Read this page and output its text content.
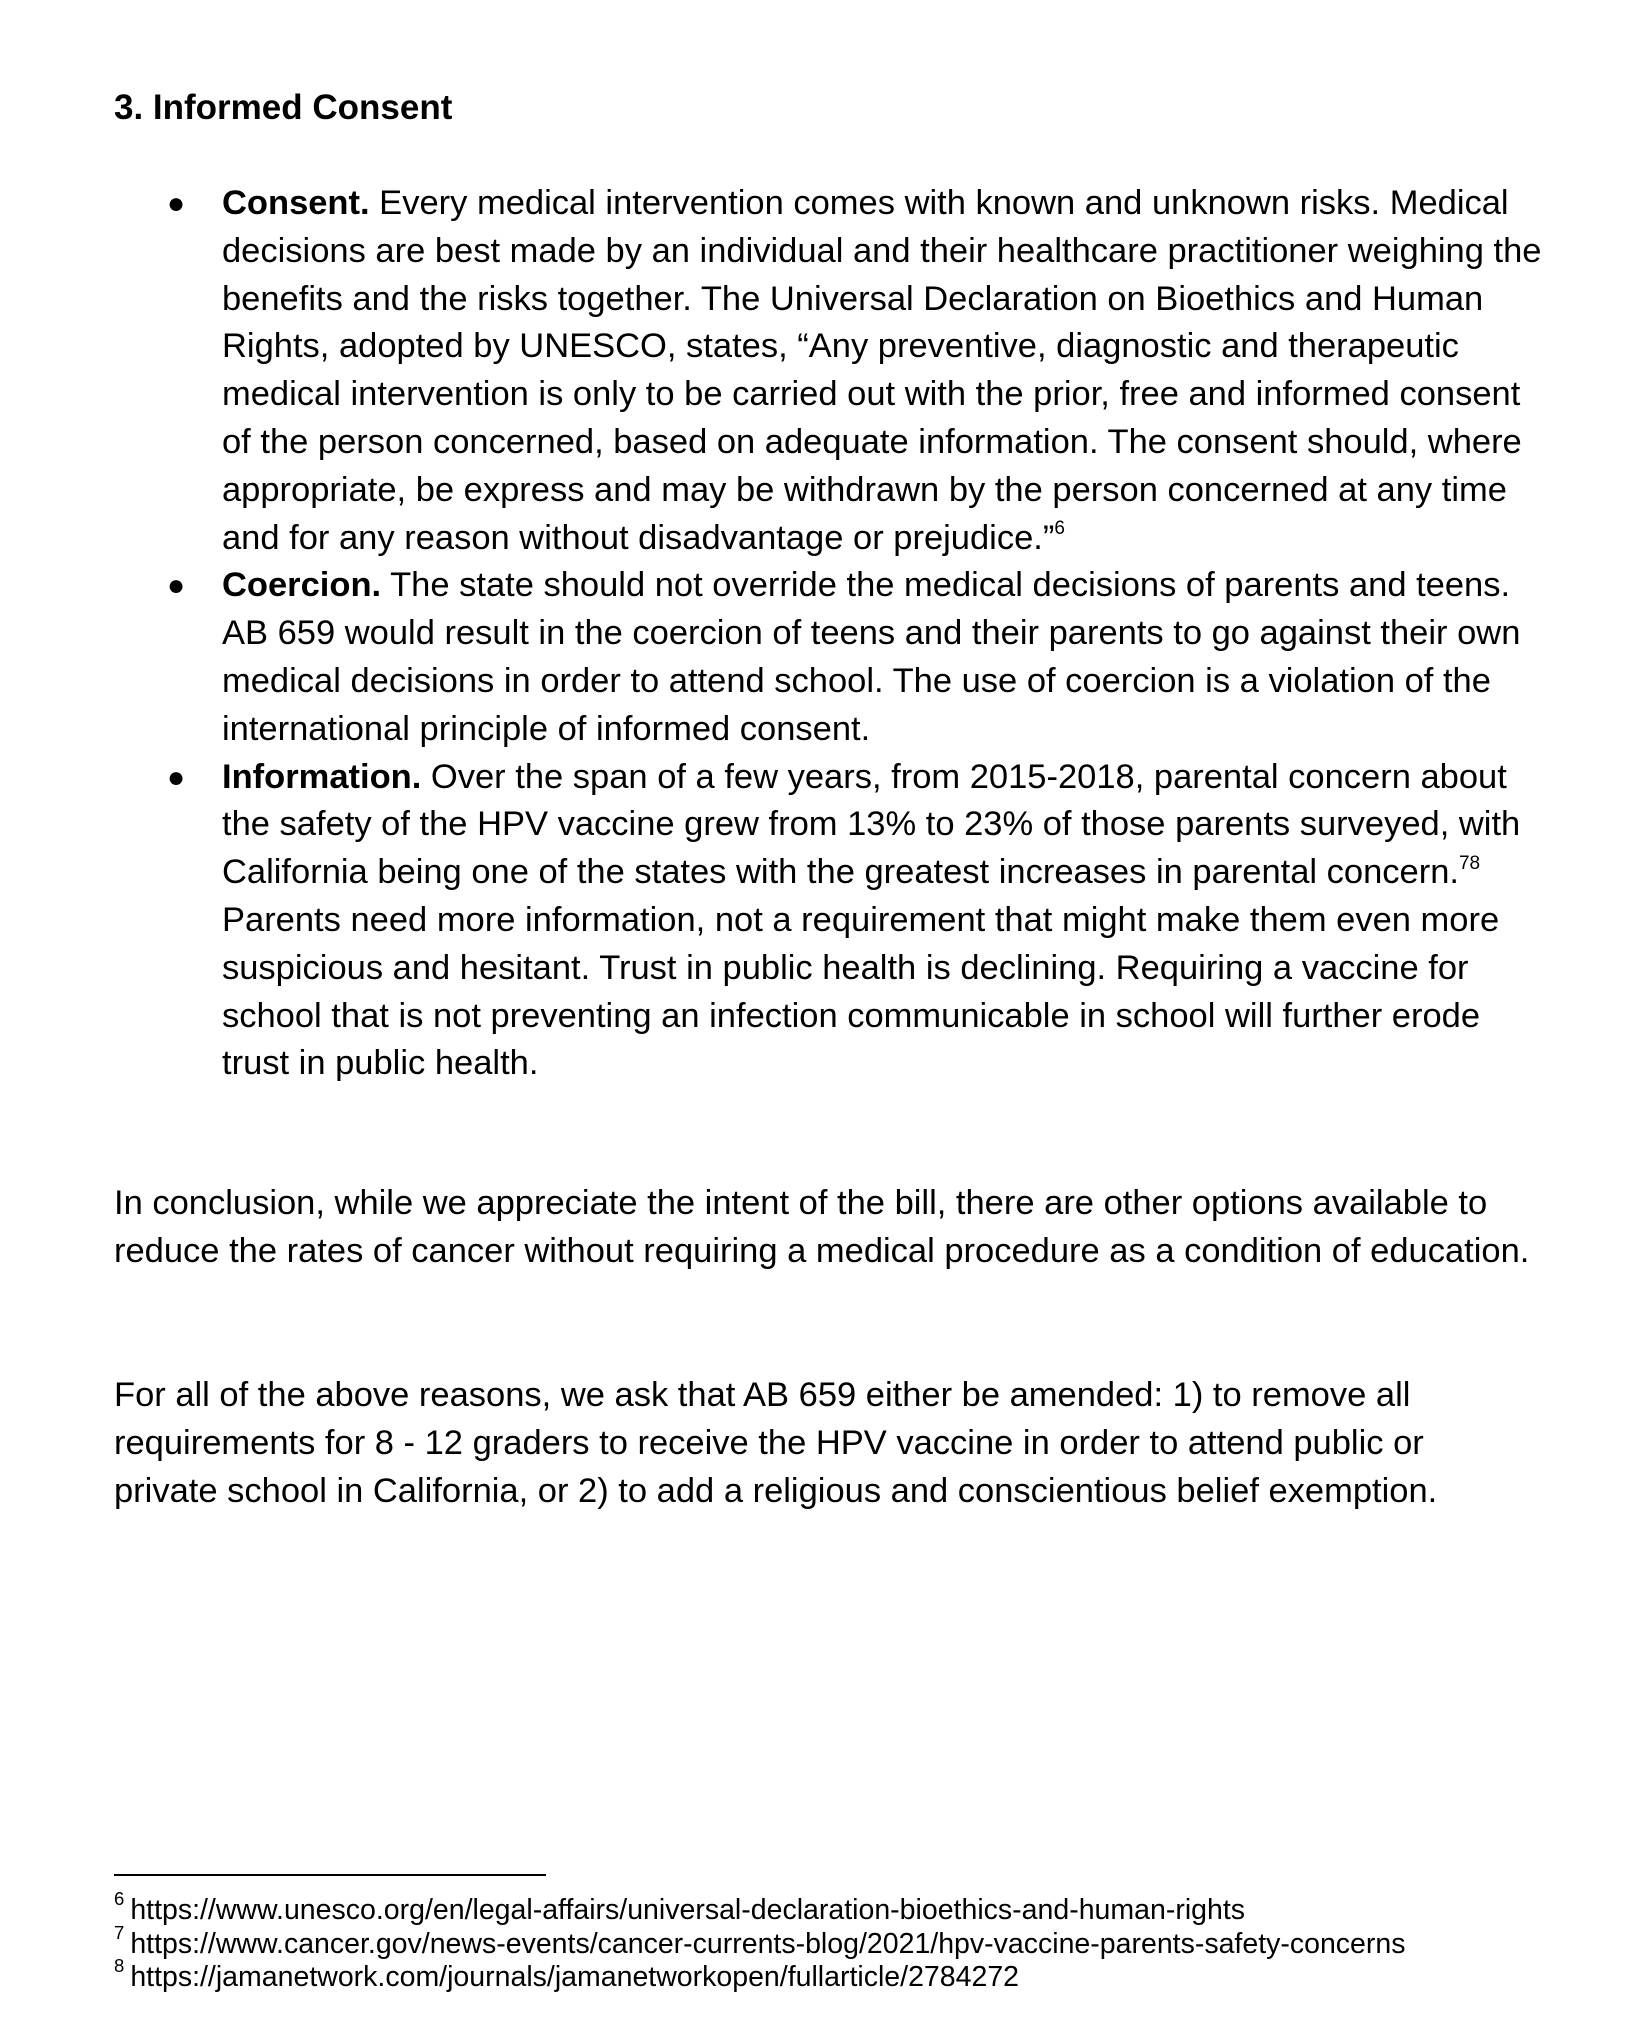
3. Informed Consent
● Consent. Every medical intervention comes with known and unknown risks. Medical decisions are best made by an individual and their healthcare practitioner weighing the benefits and the risks together. The Universal Declaration on Bioethics and Human Rights, adopted by UNESCO, states, “Any preventive, diagnostic and therapeutic medical intervention is only to be carried out with the prior, free and informed consent of the person concerned, based on adequate information. The consent should, where appropriate, be express and may be withdrawn by the person concerned at any time and for any reason without disadvantage or prejudice.”$^6$
● Coercion. The state should not override the medical decisions of parents and teens. AB 659 would result in the coercion of teens and their parents to go against their own medical decisions in order to attend school. The use of coercion is a violation of the international principle of informed consent.
● Information. Over the span of a few years, from 2015-2018, parental concern about the safety of the HPV vaccine grew from 13% to 23% of those parents surveyed, with California being one of the states with the greatest increases in parental concern.$^{78}$  Parents need more information, not a requirement that might make them even more suspicious and hesitant. Trust in public health is declining. Requiring a vaccine for school that is not preventing an infection communicable in school will further erode trust in public health.

In conclusion, while we appreciate the intent of the bill, there are other options available to reduce the rates of cancer without requiring a medical procedure as a condition of education.

For all of the above reasons, we ask that AB 659 either be amended: 1) to remove all requirements for 8 - 12 graders to receive the HPV vaccine in order to attend public or private school in California, or 2) to add a religious and conscientious belief exemption.

$^6$ https://www.unesco.org/en/legal-affairs/universal-declaration-bioethics-and-human-rights
$^7$ https://www.cancer.gov/news-events/cancer-currents-blog/2021/hpv-vaccine-parents-safety-concerns
$^8$ https://jamanetwork.com/journals/jamanetworkopen/fullarticle/2784272
